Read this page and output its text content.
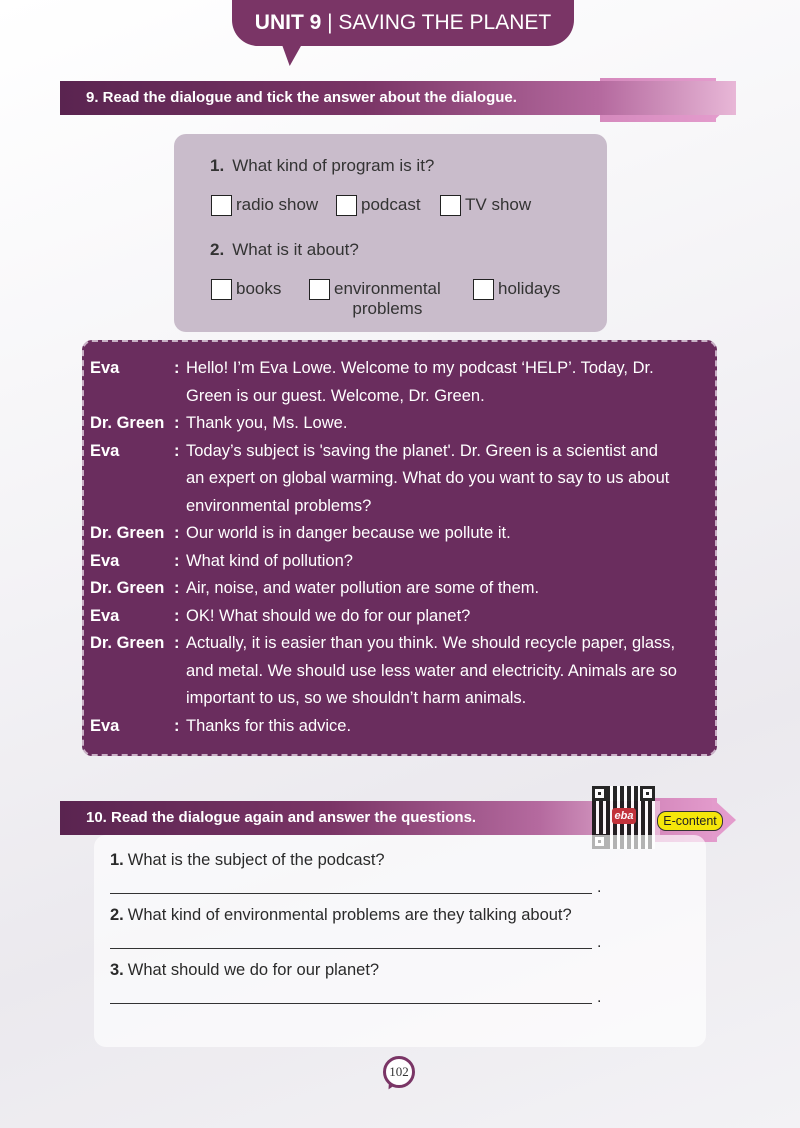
UNIT 9 | SAVING THE PLANET
9. Read the dialogue and tick the answer about the dialogue.
1. What kind of program is it?
radio show	podcast	TV show
2. What is it about?
books	environmental
problems
holidays
Eva	: Hello! I’m Eva Lowe. Welcome to my podcast ‘HELP’. Today, Dr.
Green is our guest. Welcome, Dr. Green.
Dr. Green : Thank you, Ms. Lowe.
Eva	: Today’s subject is 'saving the planet'. Dr. Green is a scientist and
an expert on global warming. What do you want to say to us about
environmental problems?
Dr. Green : Our world is in danger because we pollute it.
Eva	: What kind of pollution?
Dr. Green : Air, noise, and water pollution are some of them.
Eva	: OK! What should we do for our planet?
Dr. Green : Actually, it is easier than you think. We should recycle paper, glass,
and metal. We should use less water and electricity. Animals are so
important to us, so we shouldn’t harm animals.
Eva	: Thanks for this advice.
10. Read the dialogue again and answer the questions.	eba	E-content
1. What is the subject of the podcast?
.
2. What kind of environmental problems are they talking about?
.
3. What should we do for our planet?
.
102
